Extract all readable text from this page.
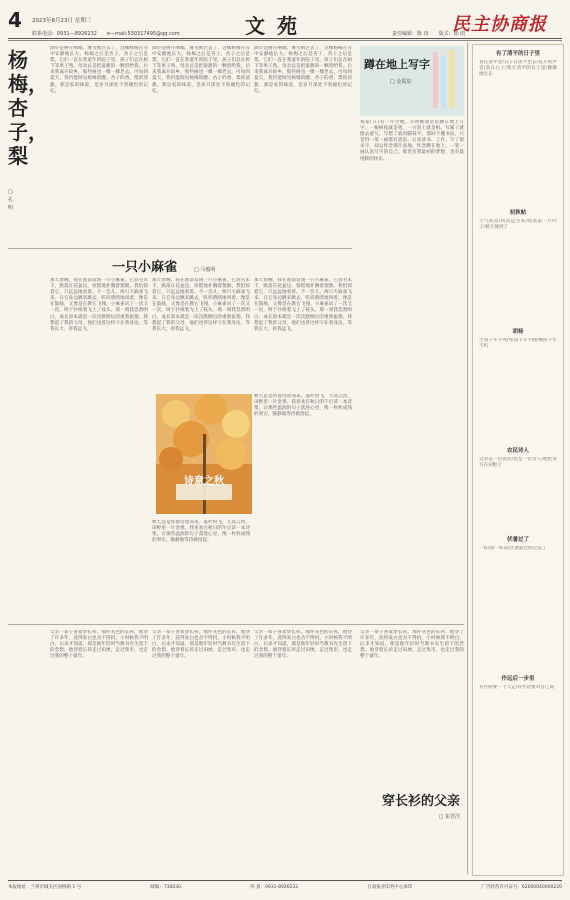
4 2023年8月23日 星期三
联系电话：0931—8926232　　e—mail:530317495@qq.com	文苑	民主协商报
责任编辑：陈 田　　版式：徐 雨
杨梅，杏子，梨
□ 孔 明
酒早是树在响嗡，雾雪被过去了，这棵杨梅在雪中安静地长大。杨梅之后是杏子，杏子之后是梨，它们一直在我童年的院子里。孩子们总在树下等果子熟，母亲总是把最甜的一颗留给我。后来我离开故乡，那些树也一棵一棵老去，可每到夏天，我仍能闻见杨梅的酸、杏子的香、梨的清甜。那是家的味道，是岁月深处不曾褪色的记忆。
酒早是树在响嗡，雾雪被过去了，这棵杨梅在雪中安静地长大。杨梅之后是杏子，杏子之后是梨，它们一直在我童年的院子里。孩子们总在树下等果子熟，母亲总是把最甜的一颗留给我。后来我离开故乡，那些树也一棵一棵老去，可每到夏天，我仍能闻见杨梅的酸、杏子的香、梨的清甜。那是家的味道，是岁月深处不曾褪色的记忆。
酒早是树在响嗡，雾雪被过去了，这棵杨梅在雪中安静地长大。杨梅之后是杏子，杏子之后是梨，它们一直在我童年的院子里。孩子们总在树下等果子熟，母亲总是把最甜的一颗留给我。后来我离开故乡，那些树也一棵一棵老去，可每到夏天，我仍能闻见杨梅的酸、杏子的香、梨的清甜。那是家的味道，是岁月深处不曾褪色的记忆。
一只小麻雀	□ 马俊明
那天傍晚，我在窗前发现一只小麻雀。它羽毛未丰，跌落在花盆边，惊慌地扑腾着翅膀。我怕惊着它，只远远地看着。不一会儿，两只大麻雀飞来，在它身边跳来跳去，叽叽喳喳地叫着，像是在鼓励，又像是在教它飞翔。小麻雀试了一次又一次，终于扑棱着飞上了枝头。那一刻我忽然明白，成长原本就是一次次跌倒后的重新振翅。我想起了我的父母，他们也曾这样守在我身边，等我长大，看我远飞。
那天傍晚，我在窗前发现一只小麻雀。它羽毛未丰，跌落在花盆边，惊慌地扑腾着翅膀。我怕惊着它，只远远地看着。不一会儿，两只大麻雀飞来，在它身边跳来跳去，叽叽喳喳地叫着，像是在鼓励，又像是在教它飞翔。小麻雀试了一次又一次，终于扑棱着飞上了枝头。那一刻我忽然明白，成长原本就是一次次跌倒后的重新振翅。我想起了我的父母，他们也曾这样守在我身边，等我长大，看我远飞。
那天傍晚，我在窗前发现一只小麻雀。它羽毛未丰，跌落在花盆边，惊慌地扑腾着翅膀。我怕惊着它，只远远地看着。不一会儿，两只大麻雀飞来，在它身边跳来跳去，叽叽喳喳地叫着，像是在鼓励，又像是在教它飞翔。小麻雀试了一次又一次，终于扑棱着飞上了枝头。那一刻我忽然明白，成长原本就是一次次跌倒后的重新振翅。我想起了我的父母，他们也曾这样守在我身边，等我长大，看我远飞。
诗意之秋
秋天总是带着诗意而来。落叶纷飞，天高云淡，田野里一片金黄。我喜欢在秋日的午后读一本诗集，让那些温润的句子落进心里，像一枚枚成熟的果实，静静地等待被拾起。
秋天总是带着诗意而来。落叶纷飞，天高云淡，田野里一片金黄。我喜欢在秋日的午后读一本诗集，让那些温润的句子落进心里，像一枚枚成熟的果实，静静地等待被拾起。
蹲在地上写字
□ 金霞泉
我家门口有一片空地，小时候我常常蹲在地上写字。一根树枝就是笔，一方泥土就是纸。写累了就擦去重写，写错了就用脚抹平。那时不懂书法，只觉得一笔一画都有意思。后来读书、工作，写了很多字，却总怀念那片泥地，怀念蹲在地上、一笔一画认真写字的自己。那里有我最初的梦想，也有最纯粹的快乐。
有了清平的日子里
春在清平里/日子在清平里长/花开的声音/落在心上/我在清平的日子里/静静地生长
初秋帖
天气转凉/风从远方来/吹落第一片叶子/秋天便到了
胡杨
生而千年不死/死而千年不倒/倒而千年不朽
农民诗人
父亲是一位农民/也是一位诗人/他把诗写在田野上
伏暑过了
一阵雨/一阵凉/伏暑就这样过去了
作远后一步里
有些路要一个人走/有些话要对自己说
父亲一辈子喜欢穿长衫。那件灰色的长衫，他穿了许多年，洗得发白也舍不得扔。小时候我不明白，后来才知道，那是他年轻时当教书先生留下的念想。他穿着长衫走过田埂，走过集市，也走过我的整个童年。
父亲一辈子喜欢穿长衫。那件灰色的长衫，他穿了许多年，洗得发白也舍不得扔。小时候我不明白，后来才知道，那是他年轻时当教书先生留下的念想。他穿着长衫走过田埂，走过集市，也走过我的整个童年。
父亲一辈子喜欢穿长衫。那件灰色的长衫，他穿了许多年，洗得发白也舍不得扔。小时候我不明白，后来才知道，那是他年轻时当教书先生留下的念想。他穿着长衫走过田埂，走过集市，也走过我的整个童年。
父亲一辈子喜欢穿长衫。那件灰色的长衫，他穿了许多年，洗得发白也舍不得扔。小时候我不明白，后来才知道，那是他年轻时当教书先生留下的念想。他穿着长衫走过田埂，走过集市，也走过我的整个童年。
穿长衫的父亲
□ 崔君洋
本报地址：兰州市城关区国桥路 1 号	邮编：730030	传 真：0931-8926232	甘肃报业印务中心承印	广告经营许可证号：62000040000220
